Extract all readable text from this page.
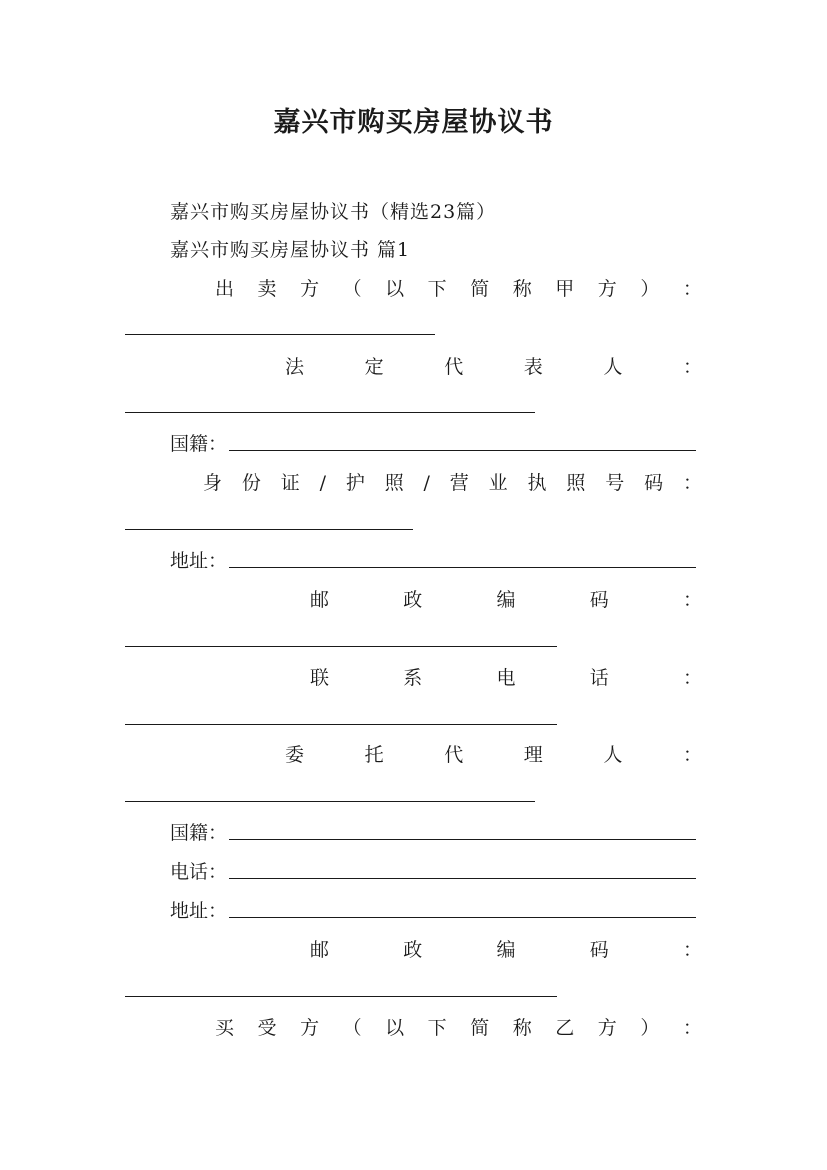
嘉兴市购买房屋协议书
嘉兴市购买房屋协议书（精选23篇）
嘉兴市购买房屋协议书 篇1
出 卖 方 （ 以 下 简 称 甲 方 ） ：
法	定	代	表	人	：
国籍：
身 份 证 / 护 照 / 营 业 执 照 号 码 ：
地址：
邮	政	编	码	：
联	系	电	话	：
委	托	代	理	人	：
国籍：
电话：
地址：
邮	政	编	码	：
买 受 方 （ 以 下 简 称 乙 方 ） ：
